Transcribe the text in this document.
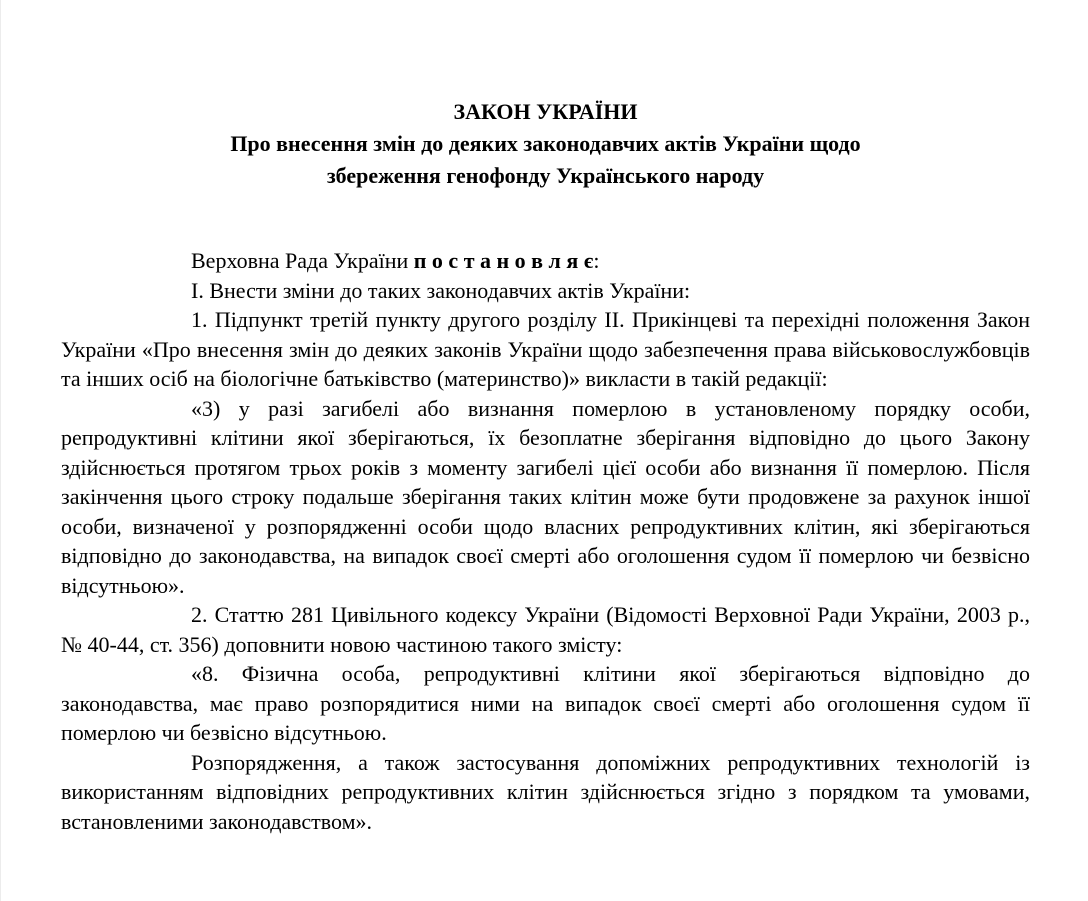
ЗАКОН УКРАЇНИ
Про внесення змін до деяких законодавчих актів України щодо збереження генофонду Українського народу

Верховна Рада України п о с т а н о в л я є:

І. Внести зміни до таких законодавчих актів України:

1. Підпункт третій пункту другого розділу ІІ. Прикінцеві та перехідні положення Закон України «Про внесення змін до деяких законів України щодо забезпечення права військовослужбовців та інших осіб на біологічне батьківство (материнство)» викласти в такій редакції:

«3) у разі загибелі або визнання померлою в установленому порядку особи, репродуктивні клітини якої зберігаються, їх безоплатне зберігання відповідно до цього Закону здійснюється протягом трьох років з моменту загибелі цієї особи або визнання її померлою. Після закінчення цього строку подальше зберігання таких клітин може бути продовжене за рахунок іншої особи, визначеної у розпорядженні особи щодо власних репродуктивних клітин, які зберігаються відповідно до законодавства, на випадок своєї смерті або оголошення судом її померлою чи безвісно відсутньою».

2. Статтю 281 Цивільного кодексу України (Відомості Верховної Ради України, 2003 р., № 40-44, ст. 356) доповнити новою частиною такого змісту:

«8. Фізична особа, репродуктивні клітини якої зберігаються відповідно до законодавства, має право розпорядитися ними на випадок своєї смерті або оголошення судом її померлою чи безвісно відсутньою.

Розпорядження, а також застосування допоміжних репродуктивних технологій із використанням відповідних репродуктивних клітин здійснюється згідно з порядком та умовами, встановленими законодавством».
